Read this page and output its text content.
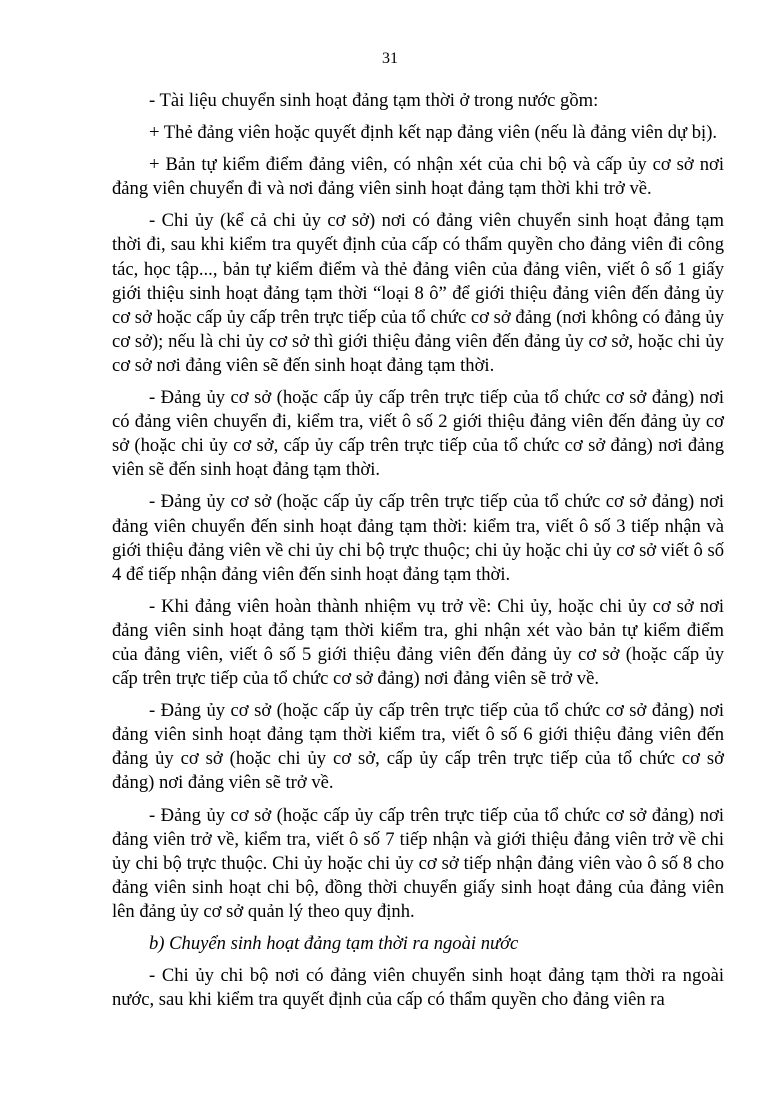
31

- Tài liệu chuyển sinh hoạt đảng tạm thời ở trong nước gồm:

+ Thẻ đảng viên hoặc quyết định kết nạp đảng viên (nếu là đảng viên dự bị).

+ Bản tự kiểm điểm đảng viên, có nhận xét của chi bộ và cấp ủy cơ sở nơi đảng viên chuyển đi và nơi đảng viên sinh hoạt đảng tạm thời khi trở về.

- Chi ủy (kể cả chi ủy cơ sở) nơi có đảng viên chuyển sinh hoạt đảng tạm thời đi, sau khi kiểm tra quyết định của cấp có thẩm quyền cho đảng viên đi công tác, học tập..., bản tự kiểm điểm và thẻ đảng viên của đảng viên, viết ô số 1 giấy giới thiệu sinh hoạt đảng tạm thời “loại 8 ô” để giới thiệu đảng viên đến đảng ủy cơ sở hoặc cấp ủy cấp trên trực tiếp của tổ chức cơ sở đảng (nơi không có đảng ủy cơ sở); nếu là chi ủy cơ sở thì giới thiệu đảng viên đến đảng ủy cơ sở, hoặc chi ủy cơ sở nơi đảng viên sẽ đến sinh hoạt đảng tạm thời.

- Đảng ủy cơ sở (hoặc cấp ủy cấp trên trực tiếp của tổ chức cơ sở đảng) nơi có đảng viên chuyển đi, kiểm tra, viết ô số 2 giới thiệu đảng viên đến đảng ủy cơ sở (hoặc chi ủy cơ sở, cấp ủy cấp trên trực tiếp của tổ chức cơ sở đảng) nơi đảng viên sẽ đến sinh hoạt đảng tạm thời.

- Đảng ủy cơ sở (hoặc cấp ủy cấp trên trực tiếp của tổ chức cơ sở đảng) nơi đảng viên chuyển đến sinh hoạt đảng tạm thời: kiểm tra, viết ô số 3 tiếp nhận và giới thiệu đảng viên về chi ủy chi bộ trực thuộc; chi ủy hoặc chi ủy cơ sở viết ô số 4 để tiếp nhận đảng viên đến sinh hoạt đảng tạm thời.

- Khi đảng viên hoàn thành nhiệm vụ trở về: Chi ủy, hoặc chi ủy cơ sở nơi đảng viên sinh hoạt đảng tạm thời kiểm tra, ghi nhận xét vào bản tự kiểm điểm của đảng viên, viết ô số 5 giới thiệu đảng viên đến đảng ủy cơ sở (hoặc cấp ủy cấp trên trực tiếp của tổ chức cơ sở đảng) nơi đảng viên sẽ trở về.

- Đảng ủy cơ sở (hoặc cấp ủy cấp trên trực tiếp của tổ chức cơ sở đảng) nơi đảng viên sinh hoạt đảng tạm thời kiểm tra, viết ô số 6 giới thiệu đảng viên đến đảng ủy cơ sở (hoặc chi ủy cơ sở, cấp ủy cấp trên trực tiếp của tổ chức cơ sở đảng) nơi đảng viên sẽ trở về.

- Đảng ủy cơ sở (hoặc cấp ủy cấp trên trực tiếp của tổ chức cơ sở đảng) nơi đảng viên trở về, kiểm tra, viết ô số 7 tiếp nhận và giới thiệu đảng viên trở về chi ủy chi bộ trực thuộc. Chi ủy hoặc chi ủy cơ sở tiếp nhận đảng viên vào ô số 8 cho đảng viên sinh hoạt chi bộ, đồng thời chuyển giấy sinh hoạt đảng của đảng viên lên đảng ủy cơ sở quản lý theo quy định.

b) Chuyển sinh hoạt đảng tạm thời ra ngoài nước

- Chi ủy chi bộ nơi có đảng viên chuyển sinh hoạt đảng tạm thời ra ngoài nước, sau khi kiểm tra quyết định của cấp có thẩm quyền cho đảng viên ra
